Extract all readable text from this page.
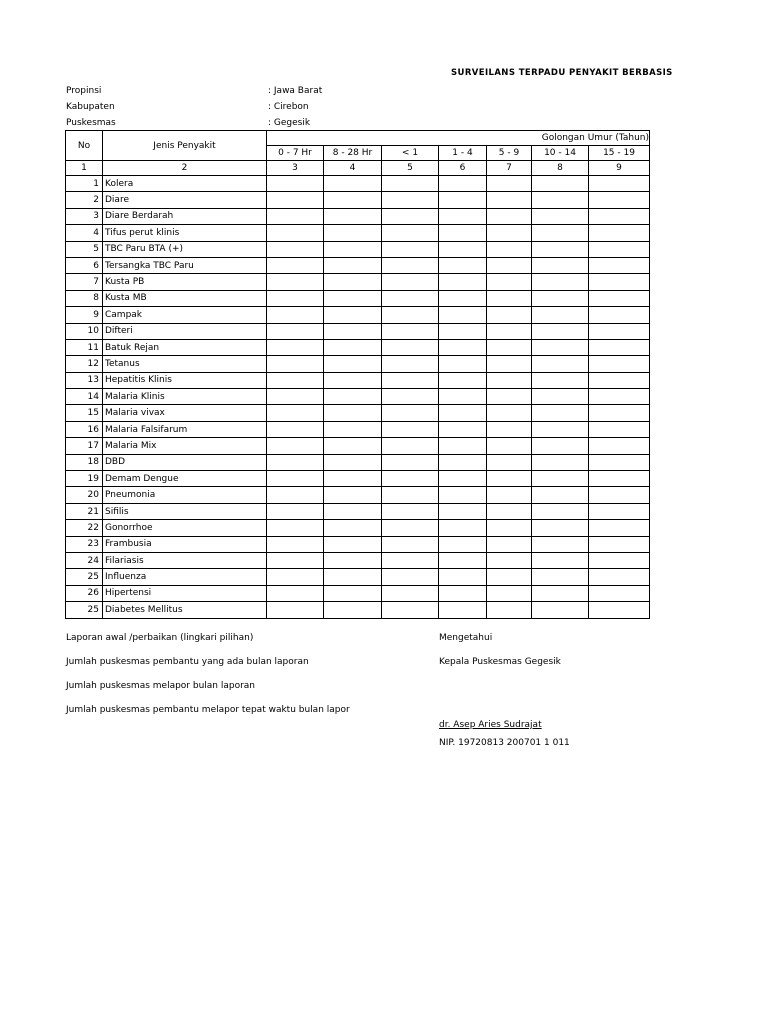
SURVEILANS TERPADU PENYAKIT BERBASIS
Propinsi	: Jawa Barat
Kabupaten	: Cirebon
Puskesmas	: Gegesik
No	Jenis Penyakit	Golongan Umur (Tahun)						
		0 - 7 Hr	8 - 28 Hr	< 1	1 - 4	5 - 9	10 - 14	15 - 19
1	2	3	4	5	6	7	8	9
1	Kolera							
2	Diare							
3	Diare Berdarah							
4	Tifus perut klinis							
5	TBC Paru BTA (+)							
6	Tersangka TBC Paru							
7	Kusta PB							
8	Kusta MB							
9	Campak							
10	Difteri							
11	Batuk Rejan							
12	Tetanus							
13	Hepatitis Klinis							
14	Malaria Klinis							
15	Malaria vivax							
16	Malaria Falsifarum							
17	Malaria Mix							
18	DBD							
19	Demam Dengue							
20	Pneumonia							
21	Sifilis							
22	Gonorrhoe							
23	Frambusia							
24	Filariasis							
25	Influenza							
26	Hipertensi							
25	Diabetes Mellitus							
Laporan awal /perbaikan (lingkari pilihan)
Jumlah puskesmas pembantu yang ada bulan laporan
Jumlah puskesmas melapor bulan laporan
Jumlah puskesmas pembantu melapor tepat waktu bulan lapor
Mengetahui
Kepala Puskesmas Gegesik
dr. Asep Aries Sudrajat
NIP. 19720813 200701 1 011
